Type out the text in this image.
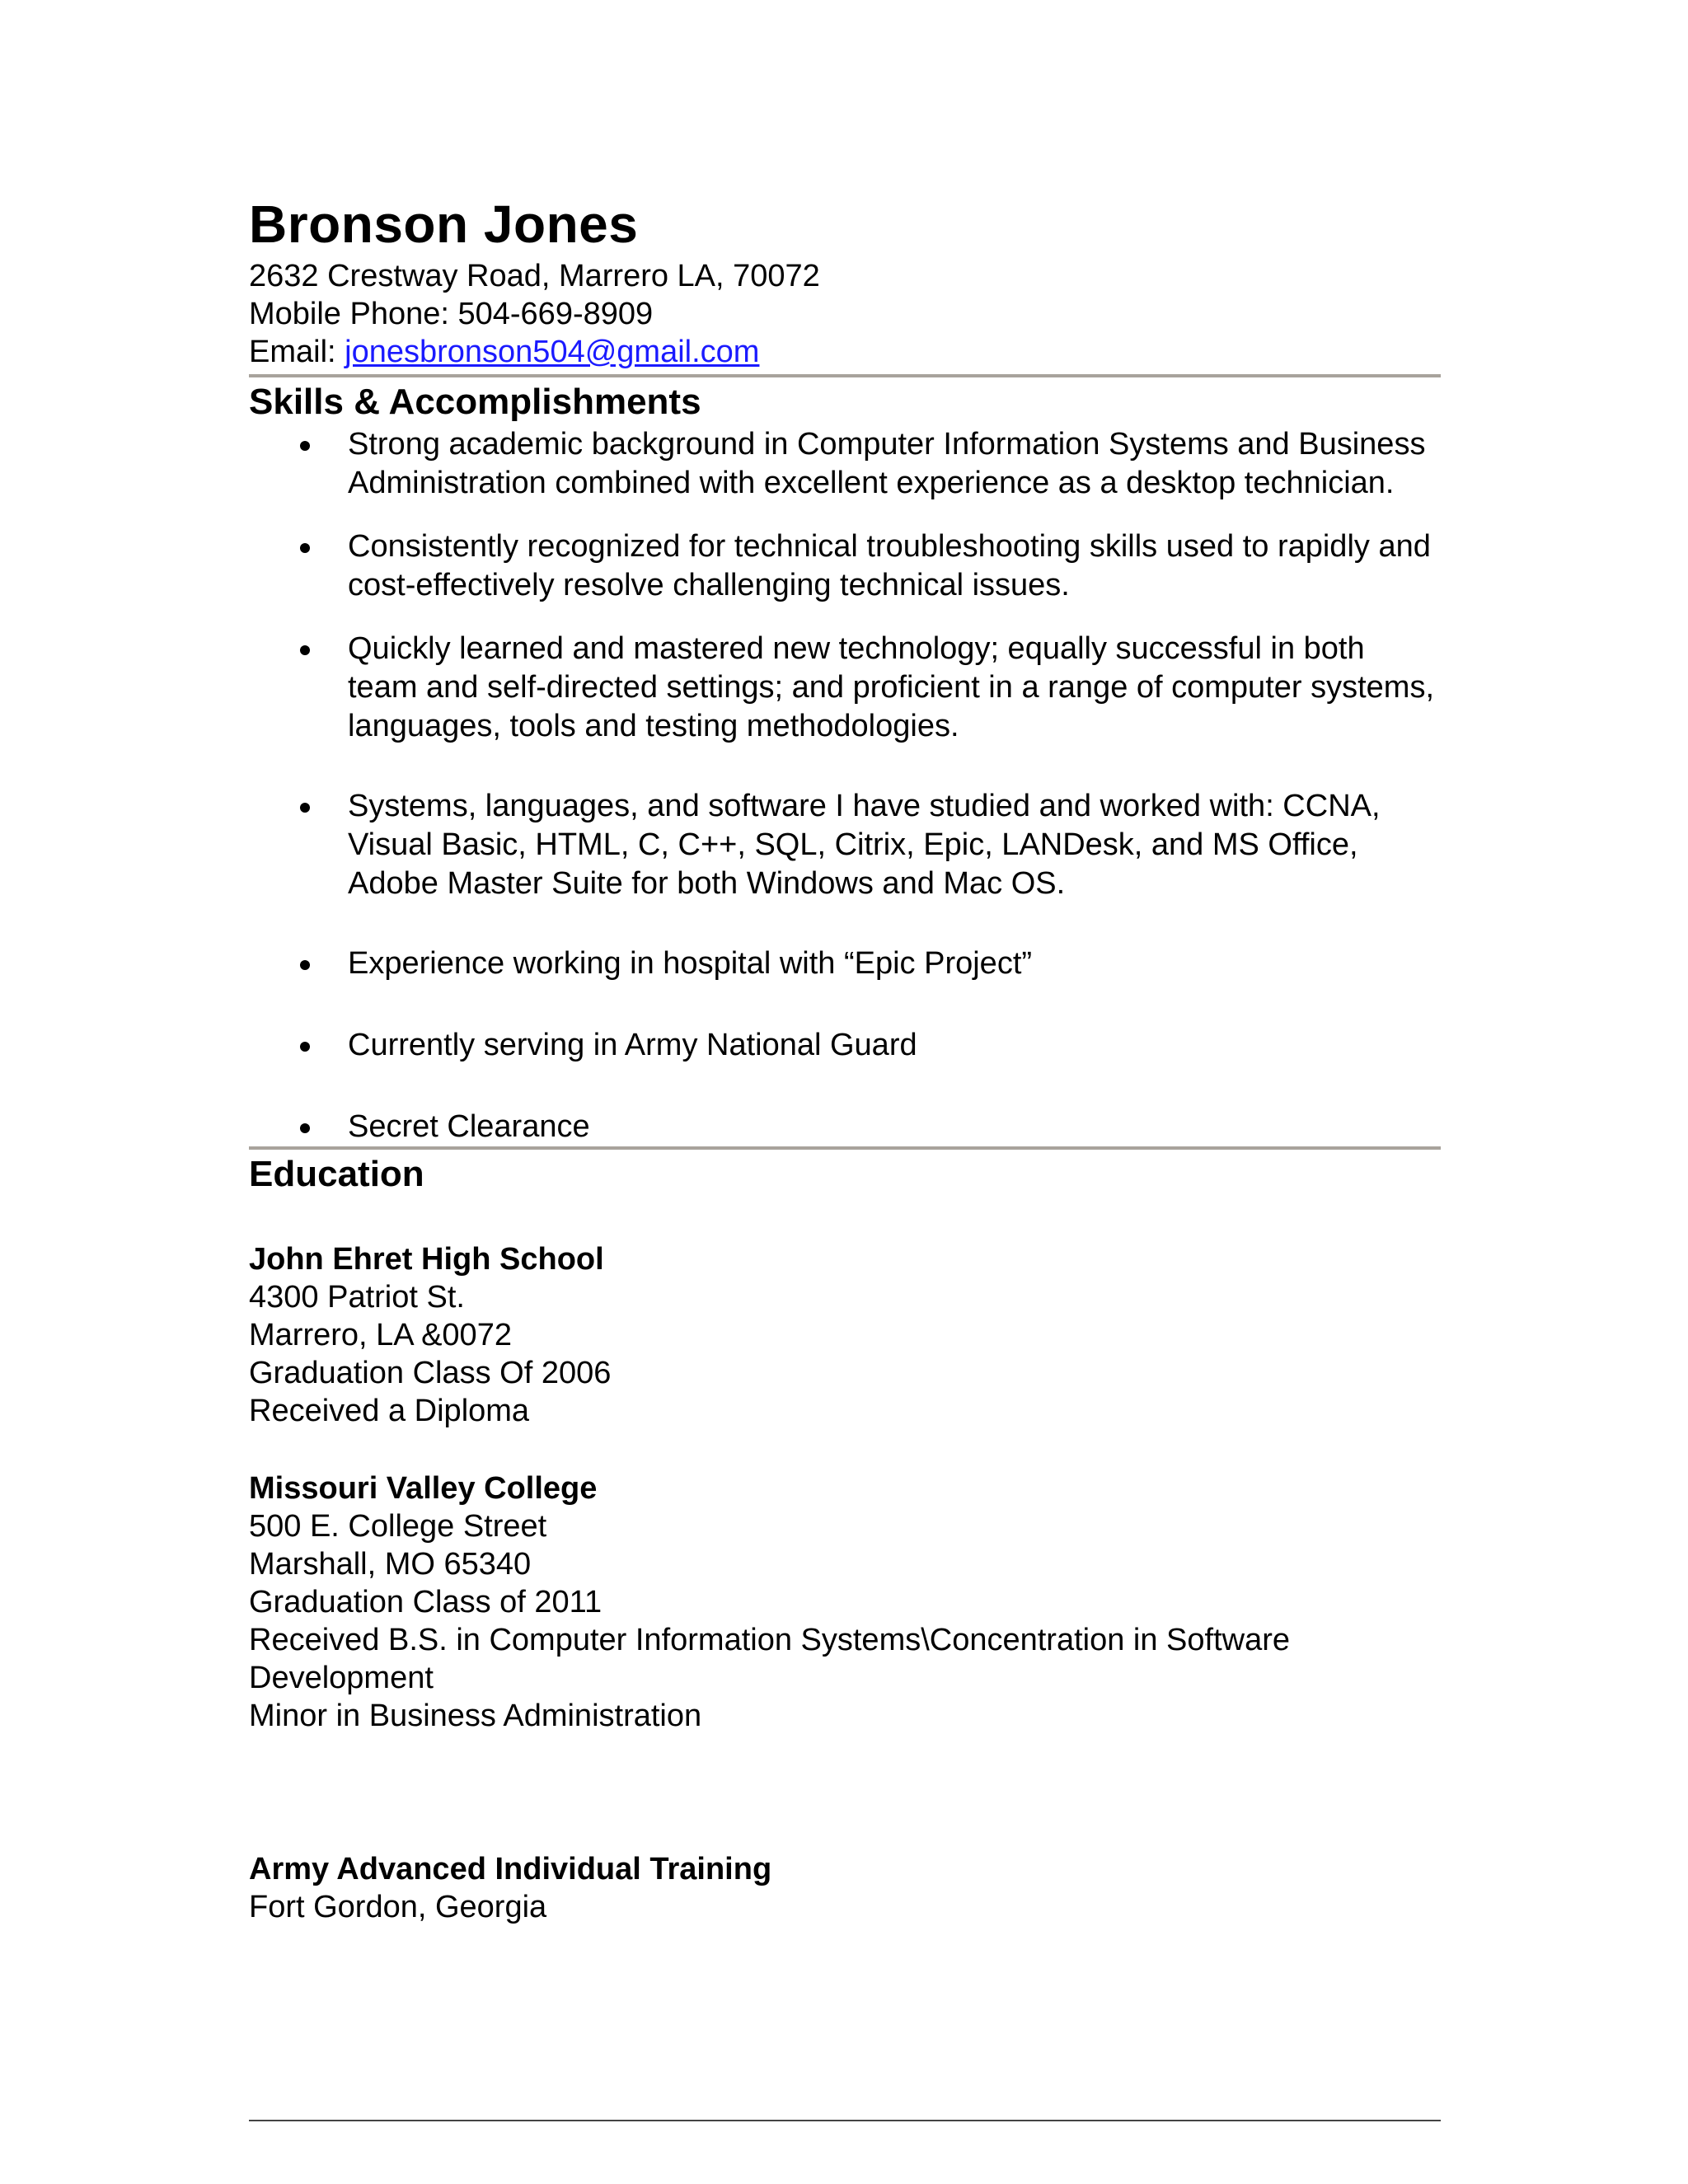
Bronson Jones

2632 Crestway Road, Marrero LA, 70072

Mobile Phone: 504-669-8909

Email: jonesbronson504@gmail.com

Skills & Accomplishments
Strong academic background in Computer Information Systems and Business Administration combined with excellent experience as a desktop technician.
Consistently recognized for technical troubleshooting skills used to rapidly and cost-effectively resolve challenging technical issues.
Quickly learned and mastered new technology; equally successful in both team and self-directed settings; and proficient in a range of computer systems, languages, tools and testing methodologies.
Systems, languages, and software I have studied and worked with: CCNA, Visual Basic, HTML, C, C++, SQL, Citrix, Epic, LANDesk, and MS Office, Adobe Master Suite for both Windows and Mac OS.
Experience working in hospital with “Epic Project”
Currently serving in Army National Guard
Secret Clearance
Education

John Ehret High School

4300 Patriot St.

Marrero, LA &0072

Graduation Class Of 2006

Received a Diploma

Missouri Valley College

500 E. College Street

Marshall, MO 65340

Graduation Class of 2011

Received B.S. in Computer Information Systems\Concentration in Software Development

Minor in Business Administration

Army Advanced Individual Training

Fort Gordon, Georgia
